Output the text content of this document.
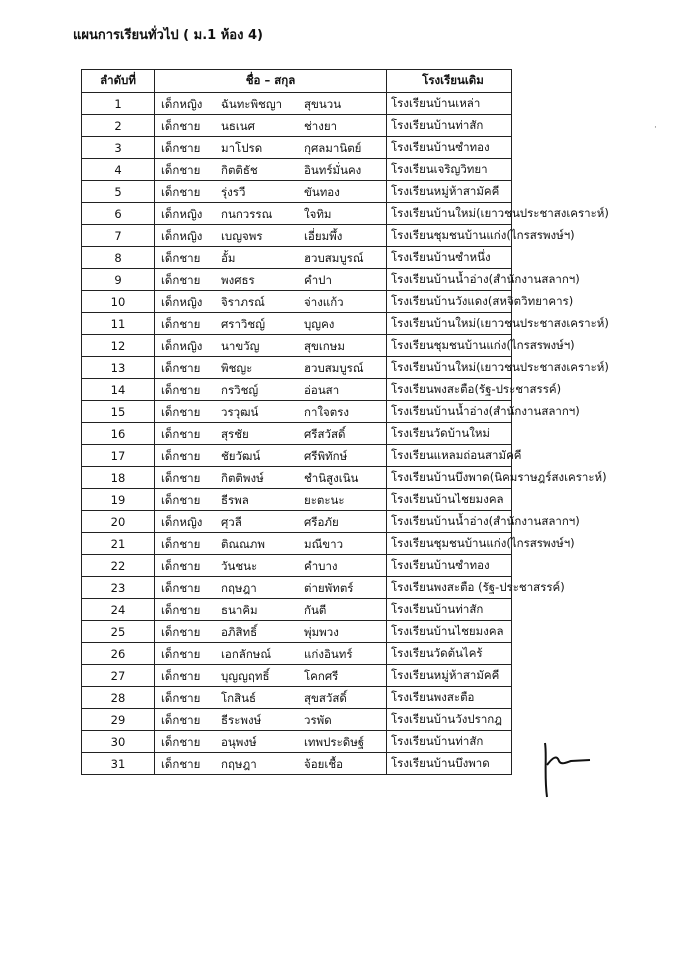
แผนการเรียนทั่วไป ( ม.1 ห้อง 4)
ลำดับที่	ชื่อ – สกุล	โรงเรียนเดิม
1	เด็กหญิง ฉันทะพิชญา สุขนวน	โรงเรียนบ้านเหล่า
2	เด็กชาย นธเนศ ช่างยา	โรงเรียนบ้านท่าสัก
3	เด็กชาย มาโปรด กุศลมานิตย์	โรงเรียนบ้านซำทอง
4	เด็กชาย กิตติธัช อินทร์มั่นคง	โรงเรียนเจริญวิทยา
5	เด็กชาย รุ่งรวี ขันทอง	โรงเรียนหมู่ห้าสามัคคี
6	เด็กหญิง กนกวรรณ ใจทิม	โรงเรียนบ้านใหม่(เยาวชนประชาสงเคราะห์)
7	เด็กหญิง เบญจพร เอี่ยมพึ้ง	โรงเรียนชุมชนบ้านแก่ง(ไกรสรพงษ์ฯ)
8	เด็กชาย อั้ม ฮวบสมบูรณ์	โรงเรียนบ้านซำหนึ่ง
9	เด็กชาย พงศธร คำปา	โรงเรียนบ้านน้ำอ่าง(สำนักงานสลากฯ)
10	เด็กหญิง จิราภรณ์ จ่างแก้ว	โรงเรียนบ้านวังแดง(สหจิตวิทยาคาร)
11	เด็กชาย ศราวิชญ์ บุญคง	โรงเรียนบ้านใหม่(เยาวชนประชาสงเคราะห์)
12	เด็กหญิง นาขวัญ สุขเกษม	โรงเรียนชุมชนบ้านแก่ง(ไกรสรพงษ์ฯ)
13	เด็กชาย พิชญะ ฮวบสมบูรณ์	โรงเรียนบ้านใหม่(เยาวชนประชาสงเคราะห์)
14	เด็กชาย กรวิชญ์ อ่อนสา	โรงเรียนพงสะตือ(รัฐ-ประชาสรรค์)
15	เด็กชาย วรวุฒน์ กาใจตรง	โรงเรียนบ้านน้ำอ่าง(สำนักงานสลากฯ)
16	เด็กชาย สุรชัย ศรีสวัสดิ์	โรงเรียนวัดบ้านใหม่
17	เด็กชาย ชัยวัฒน์ ศรีพิทักษ์	โรงเรียนแหลมถ่อนสามัคคี
18	เด็กชาย กิตติพงษ์ ชำนิสูงเนิน	โรงเรียนบ้านบึงพาด(นิคมราษฎร์สงเคราะห์)
19	เด็กชาย ธีรพล ยะตะนะ	โรงเรียนบ้านไชยมงคล
20	เด็กหญิง ศุวลี ศรีอภัย	โรงเรียนบ้านน้ำอ่าง(สำนักงานสลากฯ)
21	เด็กชาย ติณณภพ มณีขาว	โรงเรียนชุมชนบ้านแก่ง(ไกรสรพงษ์ฯ)
22	เด็กชาย วันชนะ คำบาง	โรงเรียนบ้านซำทอง
23	เด็กชาย กฤษฎา ต่ายพัทตร์	โรงเรียนพงสะตือ (รัฐ-ประชาสรรค์)
24	เด็กชาย ธนาคิม กันตี	โรงเรียนบ้านท่าสัก
25	เด็กชาย อภิสิทธิ์ พุ่มพวง	โรงเรียนบ้านไชยมงคล
26	เด็กชาย เอกลักษณ์ แก่งอินทร์	โรงเรียนวัดต้นไคร้
27	เด็กชาย บุญญฤทธิ์ โคกศรี	โรงเรียนหมู่ห้าสามัคคี
28	เด็กชาย โกสินธ์ สุขสวัสดิ์	โรงเรียนพงสะตือ
29	เด็กชาย ธีระพงษ์ วรพัด	โรงเรียนบ้านวังปรากฎ
30	เด็กชาย อนุพงษ์ เทพประดิษฐ์	โรงเรียนบ้านท่าสัก
31	เด็กชาย กฤษฎา จ้อยเชื้อ	โรงเรียนบ้านบึงพาด
·
